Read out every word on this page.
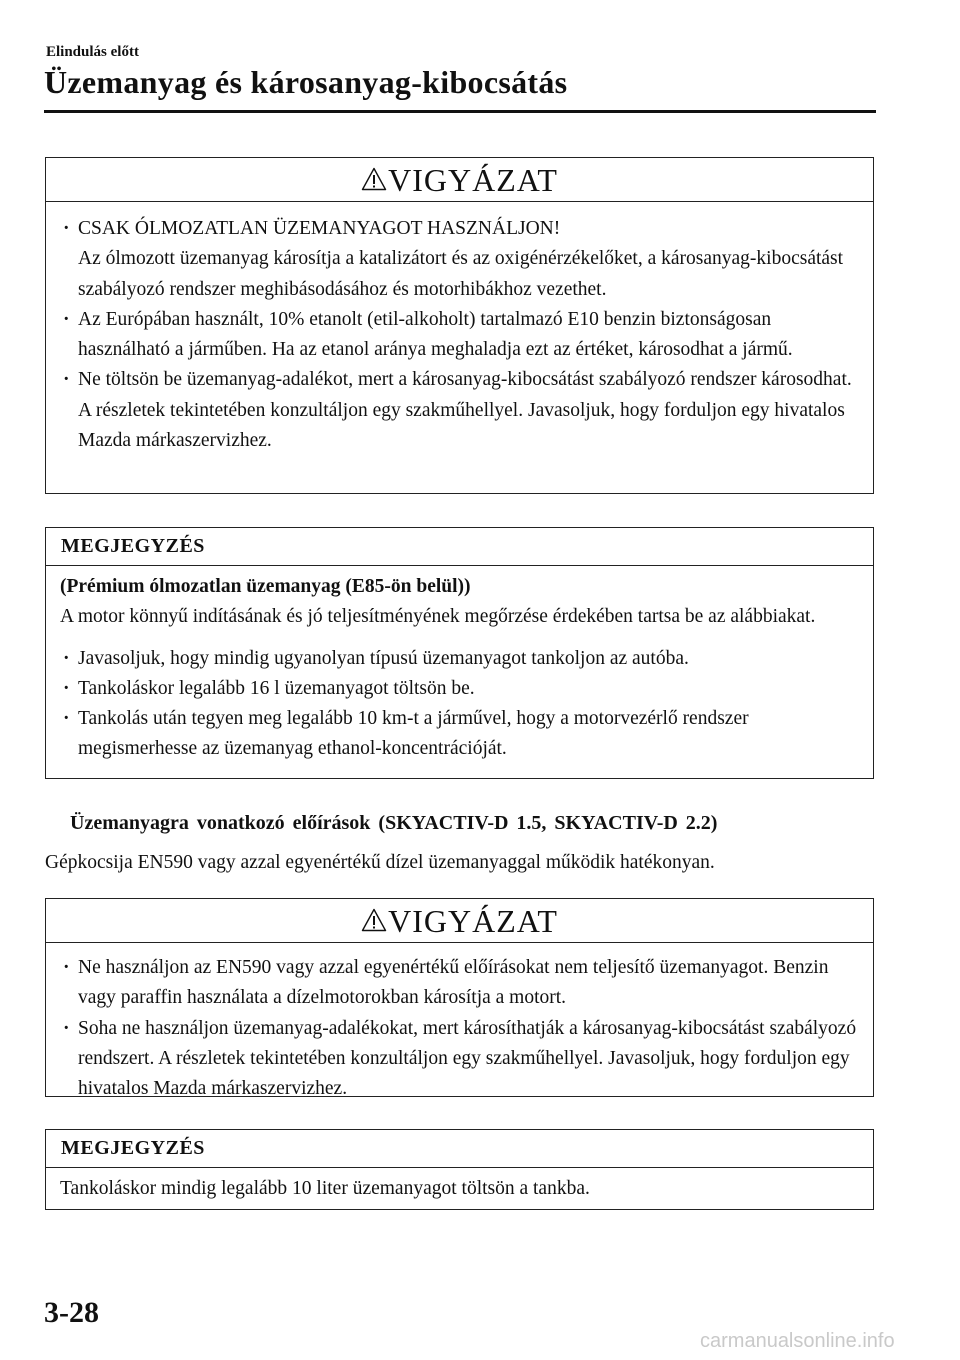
Elindulás előtt
Üzemanyag és károsanyag-kibocsátás
VIGYÁZAT
· CSAK ÓLMOZATLAN ÜZEMANYAGOT HASZNÁLJON!
Az ólmozott üzemanyag károsítja a katalizátort és az oxigénérzékelőket, a károsanyag-kibocsátást szabályozó rendszer meghibásodásához és motorhibákhoz vezethet.
· Az Európában használt, 10% etanolt (etil-alkoholt) tartalmazó E10 benzin biztonságosan használható a járműben. Ha az etanol aránya meghaladja ezt az értéket, károsodhat a jármű.
· Ne töltsön be üzemanyag-adalékot, mert a károsanyag-kibocsátást szabályozó rendszer károsodhat. A részletek tekintetében konzultáljon egy szakműhellyel. Javasoljuk, hogy forduljon egy hivatalos Mazda márkaszervizhez.
MEGJEGYZÉS
(Prémium ólmozatlan üzemanyag (E85-ön belül))
A motor könnyű indításának és jó teljesítményének megőrzése érdekében tartsa be az alábbiakat.
· Javasoljuk, hogy mindig ugyanolyan típusú üzemanyagot tankoljon az autóba.
· Tankoláskor legalább 16 l üzemanyagot töltsön be.
· Tankolás után tegyen meg legalább 10 km-t a járművel, hogy a motorvezérlő rendszer megismerhesse az üzemanyag ethanol-koncentrációját.
Üzemanyagra vonatkozó előírások (SKYACTIV-D 1.5, SKYACTIV-D 2.2)
Gépkocsija EN590 vagy azzal egyenértékű dízel üzemanyaggal működik hatékonyan.
VIGYÁZAT
· Ne használjon az EN590 vagy azzal egyenértékű előírásokat nem teljesítő üzemanyagot. Benzin vagy paraffin használata a dízelmotorokban károsítja a motort.
· Soha ne használjon üzemanyag-adalékokat, mert károsíthatják a károsanyag-kibocsátást szabályozó rendszert. A részletek tekintetében konzultáljon egy szakműhellyel. Javasoljuk, hogy forduljon egy hivatalos Mazda márkaszervizhez.
MEGJEGYZÉS
Tankoláskor mindig legalább 10 liter üzemanyagot töltsön a tankba.
3-28
carmanualsonline.info
